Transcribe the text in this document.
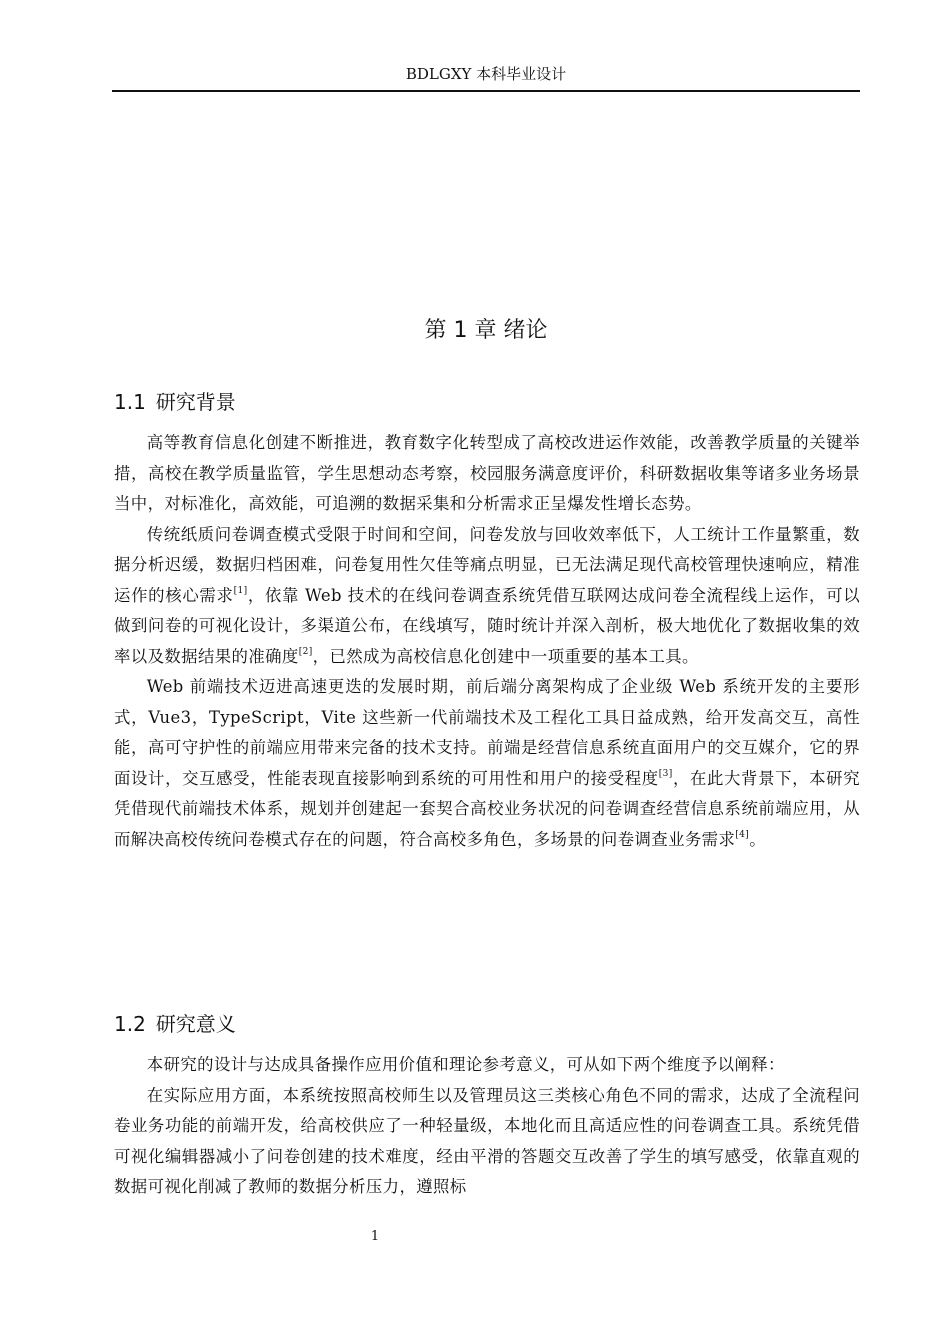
BDLGXY 本科毕业设计
第 1 章 绪论
1.1 研究背景

高等教育信息化创建不断推进，教育数字化转型成了高校改进运作效能，改善教学质量的关键举措，高校在教学质量监管，学生思想动态考察，校园服务满意度评价，科研数据收集等诸多业务场景当中，对标准化，高效能，可追溯的数据采集和分析需求正呈爆发性增长态势。

传统纸质问卷调查模式受限于时间和空间，问卷发放与回收效率低下，人工统计工作量繁重，数据分析迟缓，数据归档困难，问卷复用性欠佳等痛点明显，已无法满足现代高校管理快速响应，精准运作的核心需求[1]，依靠 Web 技术的在线问卷调查系统凭借互联网达成问卷全流程线上运作，可以做到问卷的可视化设计，多渠道公布，在线填写，随时统计并深入剖析，极大地优化了数据收集的效率以及数据结果的准确度[2]，已然成为高校信息化创建中一项重要的基本工具。

Web 前端技术迈进高速更迭的发展时期，前后端分离架构成了企业级 Web 系统开发的主要形式，Vue3，TypeScript，Vite 这些新一代前端技术及工程化工具日益成熟，给开发高交互，高性能，高可守护性的前端应用带来完备的技术支持。前端是经营信息系统直面用户的交互媒介，它的界面设计，交互感受，性能表现直接影响到系统的可用性和用户的接受程度[3]，在此大背景下，本研究凭借现代前端技术体系，规划并创建起一套契合高校业务状况的问卷调查经营信息系统前端应用，从而解决高校传统问卷模式存在的问题，符合高校多角色，多场景的问卷调查业务需求[4]。

1.2 研究意义

本研究的设计与达成具备操作应用价值和理论参考意义，可从如下两个维度予以阐释：

在实际应用方面，本系统按照高校师生以及管理员这三类核心角色不同的需求，达成了全流程问卷业务功能的前端开发，给高校供应了一种轻量级，本地化而且高适应性的问卷调查工具。系统凭借可视化编辑器减小了问卷创建的技术难度，经由平滑的答题交互改善了学生的填写感受，依靠直观的数据可视化削减了教师的数据分析压力，遵照标

1
